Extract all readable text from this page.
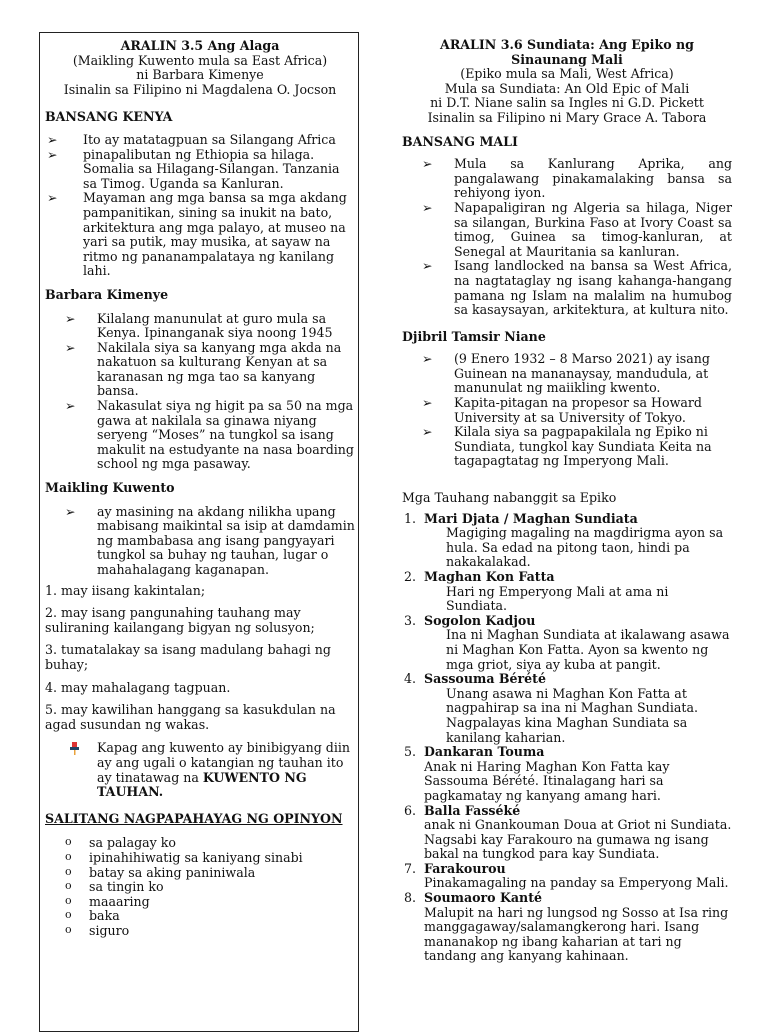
ARALIN 3.5 Ang Alaga
(Maikling Kuwento mula sa East Africa)
ni Barbara Kimenye
Isinalin sa Filipino ni Magdalena O. Jocson
BANSANG KENYA
➢	Ito ay matatagpuan sa Silangang Africa
➢	pinapalibutan ng Ethiopia sa hilaga. Somalia sa Hilagang-Silangan. Tanzania sa Timog. Uganda sa Kanluran.
➢	Mayaman ang mga bansa sa mga akdang pampanitikan, sining sa inukit na bato, arkitektura ang mga palayo, at museo na yari sa putik, may musika, at sayaw na ritmo ng pananampalataya ng kanilang lahi.
Barbara Kimenye
➢	Kilalang manunulat at guro mula sa Kenya. Ipinanganak siya noong 1945
➢	Nakilala siya sa kanyang mga akda na nakatuon sa kulturang Kenyan at sa karanasan ng mga tao sa kanyang bansa.
➢	Nakasulat siya ng higit pa sa 50 na mga gawa at nakilala sa ginawa niyang seryeng “Moses” na tungkol sa isang makulit na estudyante na nasa boarding school ng mga pasaway.
Maikling Kuwento
➢	ay masining na akdang nilikha upang mabisang maikintal sa isip at damdamin ng mambabasa ang isang pangyayari tungkol sa buhay ng tauhan, lugar o mahahalagang kaganapan.
1. may iisang kakintalan;
2. may isang pangunahing tauhang may suliraning kailangang bigyan ng solusyon;
3. tumatalakay sa isang madulang bahagi ng buhay;
4. may mahalagang tagpuan.
5. may kawilihan hanggang sa kasukdulan na agad susundan ng wakas.
Kapag ang kuwento ay binibigyang diin ay ang ugali o katangian ng tauhan ito ay tinatawag na KUWENTO NG TAUHAN.
SALITANG NAGPAPAHAYAG NG OPINYON
o sa palagay ko
o ipinahihiwatig sa kaniyang sinabi
o batay sa aking paniniwala
o sa tingin ko
o maaaring
o baka
o siguro
ARALIN 3.6 Sundiata: Ang Epiko ng
Sinaunang Mali
(Epiko mula sa Mali, West Africa)
Mula sa Sundiata: An Old Epic of Mali
ni D.T. Niane salin sa Ingles ni G.D. Pickett
Isinalin sa Filipino ni Mary Grace A. Tabora
BANSANG MALI
➢	Mula sa Kanlurang Aprika, ang pangalawang pinakamalaking bansa sa rehiyong iyon.
➢	Napapaligiran ng Algeria sa hilaga, Niger sa silangan, Burkina Faso at Ivory Coast sa timog, Guinea sa timog-kanluran, at Senegal at Mauritania sa kanluran.
➢	Isang landlocked na bansa sa West Africa, na nagtataglay ng isang kahanga-hangang pamana ng Islam na malalim na humubog sa kasaysayan, arkitektura, at kultura nito.
Djibril Tamsir Niane
➢	(9 Enero 1932 – 8 Marso 2021) ay isang Guinean na mananaysay, mandudula, at manunulat ng maiikling kwento.
➢	Kapita-pitagan na propesor sa Howard University at sa University of Tokyo.
➢	Kilala siya sa pagpapakilala ng Epiko ni Sundiata, tungkol kay Sundiata Keita na tagapagtatag ng Imperyong Mali.
Mga Tauhang nabanggit sa Epiko
1. Mari Djata / Maghan Sundiata
Magiging magaling na magdirigma ayon sa hula. Sa edad na pitong taon, hindi pa nakakalakad.
2. Maghan Kon Fatta
Hari ng Emperyong Mali at ama ni Sundiata.
3. Sogolon Kadjou
Ina ni Maghan Sundiata at ikalawang asawa ni Maghan Kon Fatta. Ayon sa kwento ng mga griot, siya ay kuba at pangit.
4. Sassouma Bérété
Unang asawa ni Maghan Kon Fatta at nagpahirap sa ina ni Maghan Sundiata. Nagpalayas kina Maghan Sundiata sa kanilang kaharian.
5. Dankaran Touma
Anak ni Haring Maghan Kon Fatta kay Sassouma Bérété. Itinalagang hari sa pagkamatay ng kanyang amang hari.
6. Balla Fasséké
anak ni Gnankouman Doua at Griot ni Sundiata. Nagsabi kay Farakouro na gumawa ng isang bakal na tungkod para kay Sundiata.
7. Farakourou
Pinakamagaling na panday sa Emperyong Mali.
8. Soumaoro Kanté
Malupit na hari ng lungsod ng Sosso at Isa ring manggagaway/salamangkerong hari. Isang mananakop ng ibang kaharian at tari ng tandang ang kanyang kahinaan.
